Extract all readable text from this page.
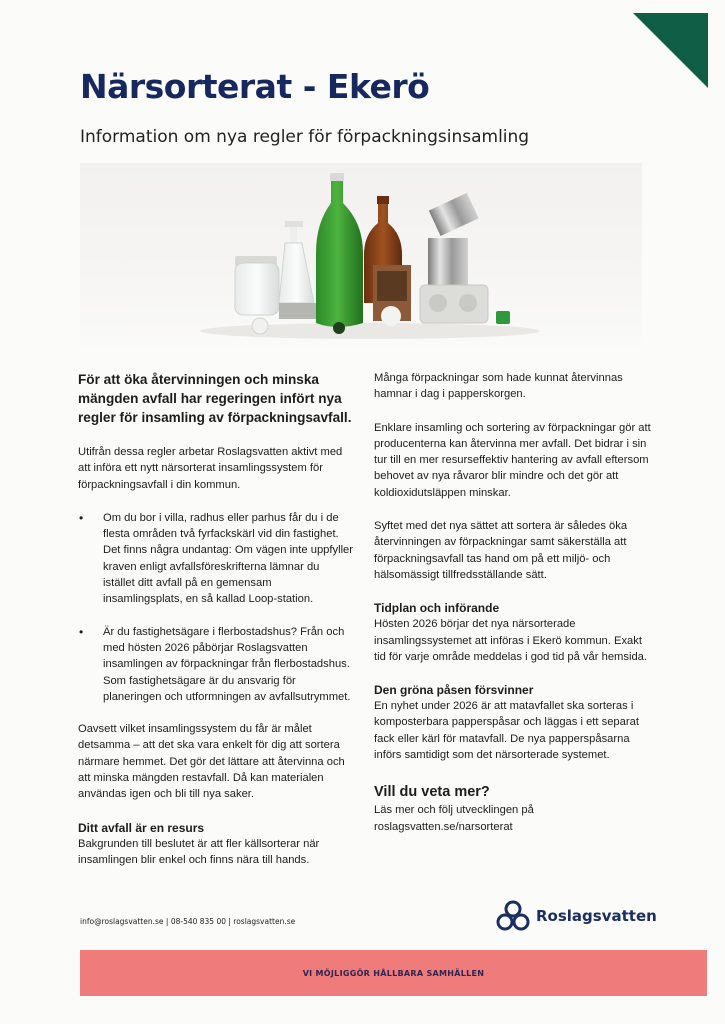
Närsorterat - Ekerö

Information om nya regler för förpackningsinsamling

För att öka återvinningen och minska mängden avfall har regeringen infört nya regler för insamling av förpackningsavfall.

Utifrån dessa regler arbetar Roslagsvatten aktivt med att införa ett nytt närsorterat insamlingssystem för förpackningsavfall i din kommun.

• Om du bor i villa, radhus eller parhus får du i de flesta områden två fyrfackskärl vid din fastighet. Det finns några undantag: Om vägen inte uppfyller kraven enligt avfallsföreskrifterna lämnar du istället ditt avfall på en gemensam insamlingsplats, en så kallad Loop-station.
• Är du fastighetsägare i flerbostadshus? Från och med hösten 2026 påbörjar Roslagsvatten insamlingen av förpackningar från flerbostadshus. Som fastighetsägare är du ansvarig för planeringen och utformningen av avfallsutrymmet.

Oavsett vilket insamlingssystem du får är målet detsamma – att det ska vara enkelt för dig att sortera närmare hemmet. Det gör det lättare att återvinna och att minska mängden restavfall. Då kan materialen användas igen och bli till nya saker.

Ditt avfall är en resurs
Bakgrunden till beslutet är att fler källsorterar när insamlingen blir enkel och finns nära till hands.

Många förpackningar som hade kunnat återvinnas hamnar i dag i papperskorgen.

Enklare insamling och sortering av förpackningar gör att producenterna kan återvinna mer avfall. Det bidrar i sin tur till en mer resurseffektiv hantering av avfall eftersom behovet av nya råvaror blir mindre och det gör att koldioxidutsläppen minskar.

Syftet med det nya sättet att sortera är således öka återvinningen av förpackningar samt säkerställa att förpackningsavfall tas hand om på ett miljö- och hälsomässigt tillfredsställande sätt.

Tidplan och införande
Hösten 2026 börjar det nya närsorterade insamlingssystemet att införas i Ekerö kommun. Exakt tid för varje område meddelas i god tid på vår hemsida.
Den gröna påsen försvinner
En nyhet under 2026 är att matavfallet ska sorteras i komposterbara papperspåsar och läggas i ett separat fack eller kärl för matavfall. De nya papperspåsarna införs samtidigt som det närsorterade systemet.
Vill du veta mer?
Läs mer och följ utvecklingen på roslagsvatten.se/narsorterat
info@roslagsvatten.se | 08-540 835 00 | roslagsvatten.se	Roslagsvatten
VI MÖJLIGGÖR HÅLLBARA SAMHÄLLEN
